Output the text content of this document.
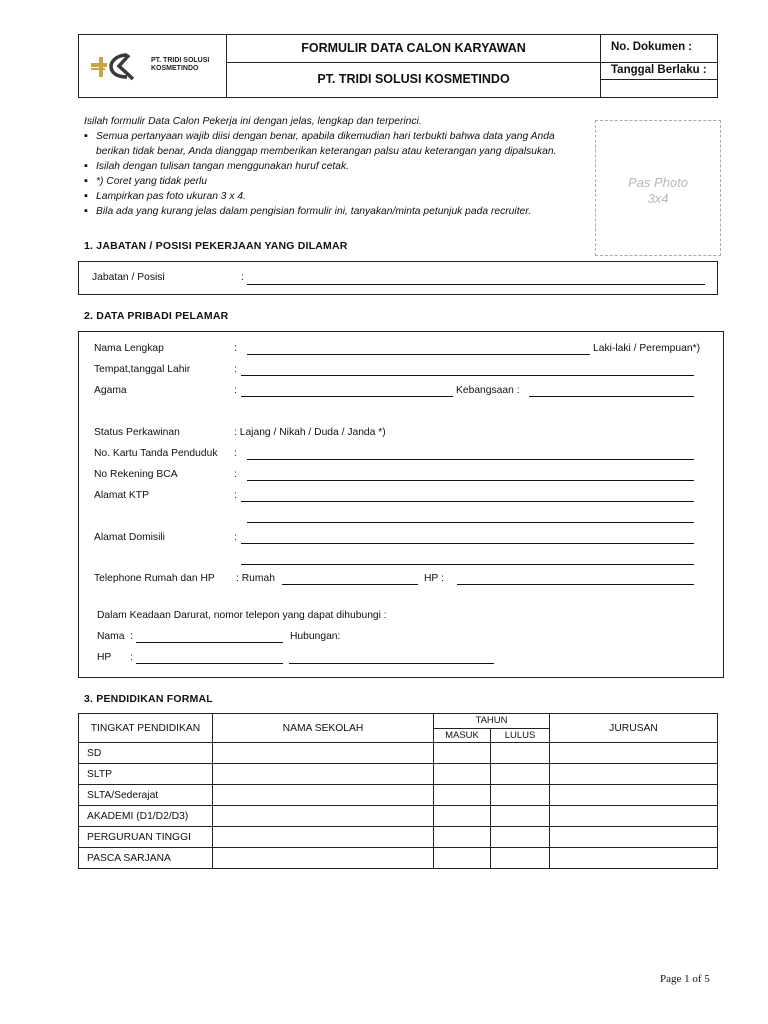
PT. TRIDI SOLUSI
KOSMETINDO
FORMULIR DATA CALON KARYAWAN
PT. TRIDI SOLUSI KOSMETINDO
No. Dokumen :
Tanggal Berlaku :
Isilah formulir Data Calon Pekerja ini dengan jelas, lengkap dan terperinci.
▪ Semua pertanyaan wajib diisi dengan benar, apabila dikemudian hari terbukti bahwa data yang Anda berikan tidak benar, Anda dianggap memberikan keterangan palsu atau keterangan yang dipalsukan.
▪ Isilah dengan tulisan tangan menggunakan huruf cetak.
▪ *) Coret yang tidak perlu
▪ Lampirkan pas foto ukuran 3 x 4.
▪ Bila ada yang kurang jelas dalam pengisian formulir ini, tanyakan/minta petunjuk pada recruiter.
Pas Photo
3x4
1. JABATAN / POSISI PEKERJAAN YANG DILAMAR
Jabatan / Posisi	:
2. DATA PRIBADI PELAMAR
Nama Lengkap	:	Laki-laki / Perempuan*)
Tempat,tanggal Lahir	:
Agama	:	Kebangsaan :
Status Perkawinan	: Lajang / Nikah / Duda / Janda *)
No. Kartu Tanda Penduduk :
No Rekening BCA	:
Alamat KTP	:
Alamat Domisili	:
Telephone Rumah dan HP : Rumah	HP :
Dalam Keadaan Darurat, nomor telepon yang dapat dihubungi :
Nama :	Hubungan:
HP :
3. PENDIDIKAN FORMAL
TINGKAT PENDIDIKAN	NAMA SEKOLAH	TAHUN		JURUSAN
		MASUK	LULUS	
SD				
SLTP				
SLTA/Sederajat				
AKADEMI (D1/D2/D3)				
PERGURUAN TINGGI				
PASCA SARJANA				
Page 1 of 5
